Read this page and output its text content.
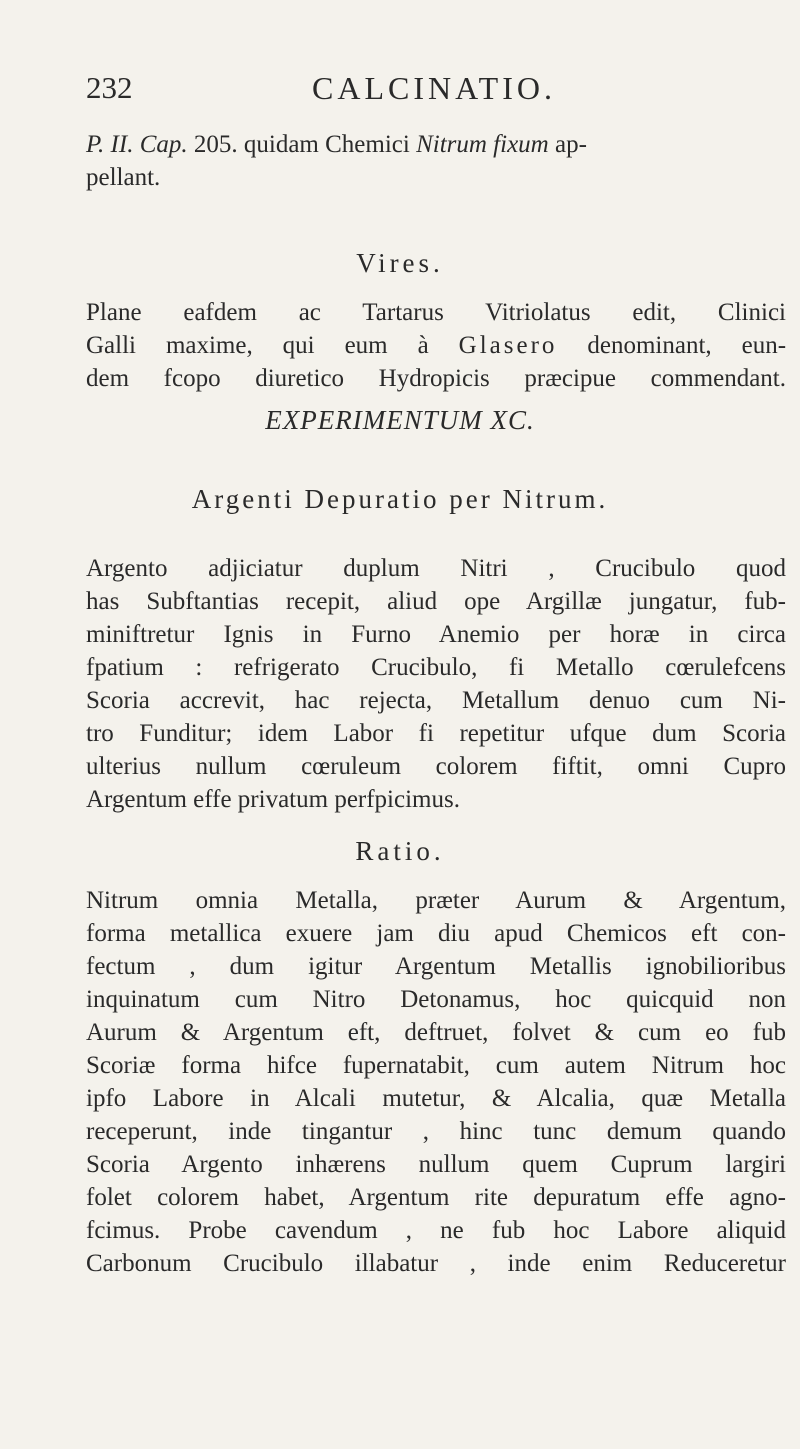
232	CALCINATIO.
P. II. Cap. 205. quidam Chemici Nitrum fixum ap-
pellant.
Vires.
Plane eafdem ac Tartarus Vitriolatus edit, Clinici
Galli maxime, qui eum à Glasero denominant, eun-
dem fcopo diuretico Hydropicis præcipue commendant.
EXPERIMENTUM XC.
Argenti Depuratio per Nitrum.
Argento adjiciatur duplum Nitri , Crucibulo quod
has Subftantias recepit, aliud ope Argillæ jungatur, fub-
miniftretur Ignis in Furno Anemio per horæ in circa
fpatium : refrigerato Crucibulo, fi Metallo cœrulefcens
Scoria accrevit, hac rejecta, Metallum denuo cum Ni-
tro Funditur; idem Labor fi repetitur ufque dum Scoria
ulterius nullum cœruleum colorem fiftit, omni Cupro
Argentum effe privatum perfpicimus.
Ratio.
Nitrum omnia Metalla, præter Aurum & Argentum,
forma metallica exuere jam diu apud Chemicos eft con-
fectum , dum igitur Argentum Metallis ignobilioribus
inquinatum cum Nitro Detonamus, hoc quicquid non
Aurum & Argentum eft, deftruet, folvet & cum eo fub
Scoriæ forma hifce fupernatabit, cum autem Nitrum hoc
ipfo Labore in Alcali mutetur, & Alcalia, quæ Metalla
receperunt, inde tingantur , hinc tunc demum quando
Scoria Argento inhærens nullum quem Cuprum largiri
folet colorem habet, Argentum rite depuratum effe agno-
fcimus. Probe cavendum , ne fub hoc Labore aliquid
Carbonum Crucibulo illabatur , inde enim Reduceretur
